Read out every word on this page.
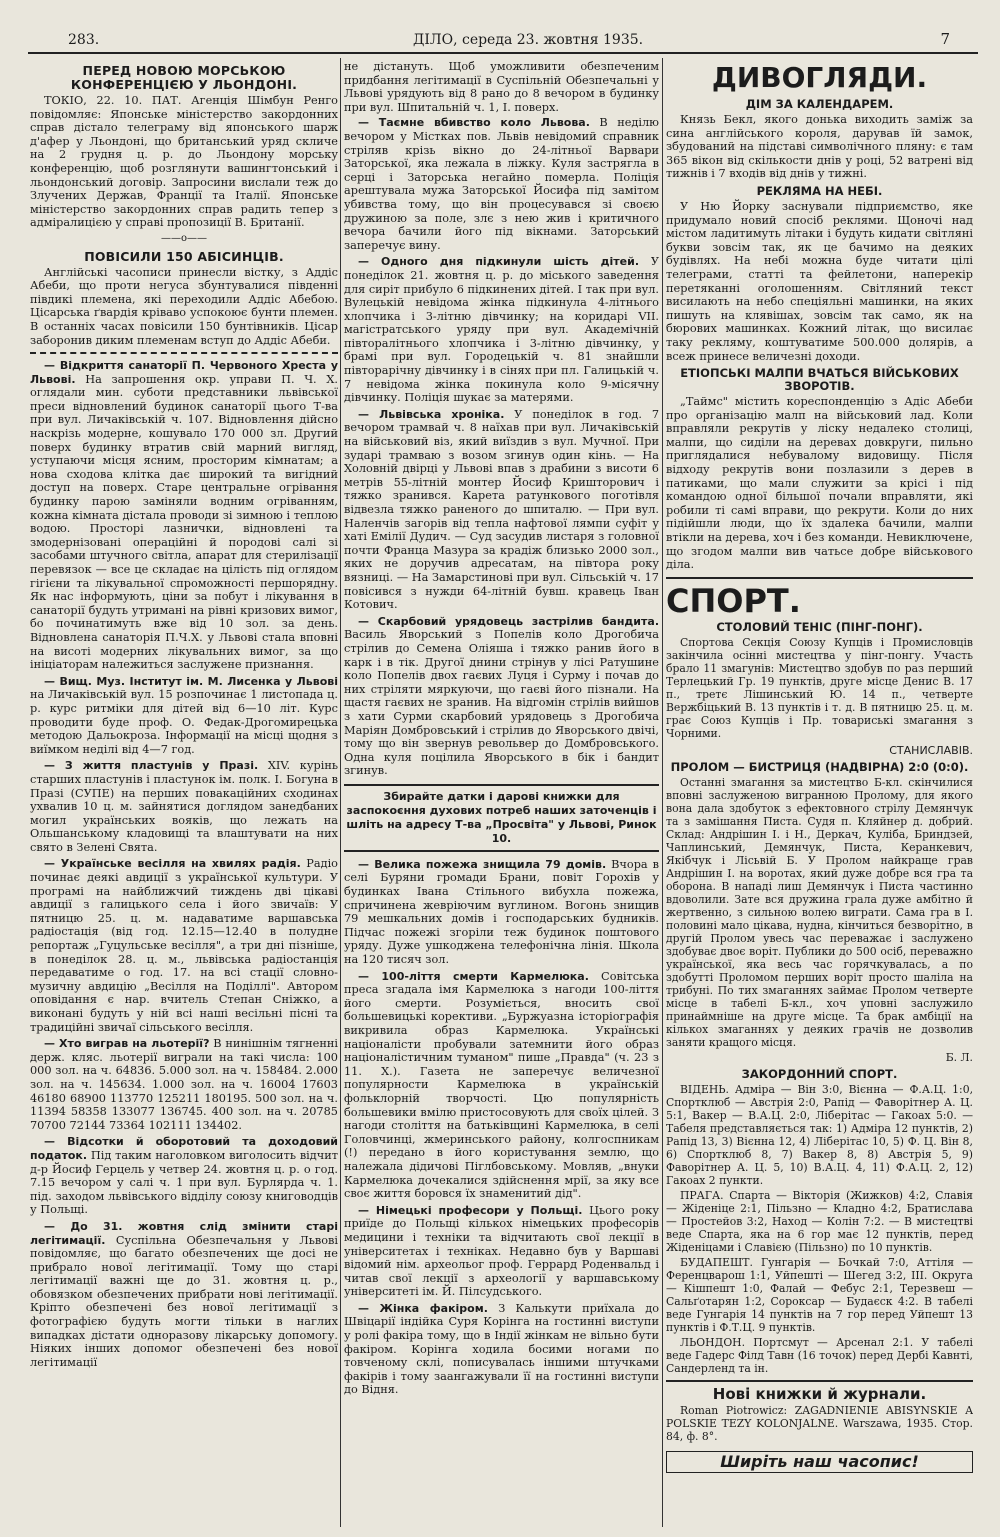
283.	ДІЛО, середа 23. жовтня 1935.	7
ПЕРЕД НОВОЮ МОРСЬКОЮ КОНФЕРЕНЦІЄЮ У ЛЬОНДОНІ.

ТОКІО, 22. 10. ПАТ. Агенція Шімбун Ренго повідомляє: Японське міністерство закордонних справ дістало телеграму від японського шарж д'афер у Льондоні, що британський уряд скличе на 2 грудня ц. р. до Льондону морську конференцію, щоб розглянути вашингтонський і льондонський договір. Запросини вислали теж до Злучених Держав, Франції та Італії. Японське міністерство закордонних справ радить тепер з адміралицією у справі пропозиції В. Британії.

——o——
ПОВІСИЛИ 150 АБІСИНЦІВ.

Англійські часописи принесли вістку, з Аддіс Абеби, що проти негуса збунтувалися південні півдикі племена, які переходили Аддіс Абебою. Цісарська ґвардія кріваво успокоює бунти племен. В останніх часах повісили 150 бунтівників. Цісар заборонив диким племенам вступ до Аддіс Абеби.

— Відкриття санаторії П. Червоного Хреста у Львові. На запрошення окр. управи П. Ч. Х. оглядали мин. суботи представники львівської преси відновлений будинок санаторії цього Т-ва при вул. Личаківській ч. 107. Відновлення дійсно наскрізь модерне, кошувало 170 000 зл. Другий поверх будинку втратив свій марний вигляд, уступаючи місця ясним, просторим кімнатам; а нова сходова клітка дає широкий та вигідний доступ на поверх. Старе центральне огрівання будинку парою заміняли водним огріванням, кожна кімната дістала проводи зі зимною і теплою водою. Просторі лазнички, відновлені та змодернізовані операційні й породові салі зі засобами штучного світла, апарат для стерилізації перевязок — все це складає на цілість під оглядом гігієни та лікувальної спроможності першорядну. Як нас інформують, ціни за побут і лікування в санаторії будуть утримані на рівні кризових вимог, бо починатимуть вже від 10 зол. за день. Відновлена санаторія П.Ч.Х. у Львові стала вповні на висоті модерних лікувальних вимог, за що ініціаторам належиться заслужене признання.
— Вищ. Муз. Інститут ім. М. Лисенка у Львові на Личаківській вул. 15 розпочинає 1 листопада ц. р. курс ритміки для дітей від 6—10 літ. Курс проводити буде проф. О. Федак-Дрогомирецька методою Дальокроза. Інформації на місці щодня з виїмком неділі від 4—7 год.
— З життя пластунів у Празі. XIV. курінь старших пластунів і пластунок ім. полк. І. Богуна в Празі (СУПЕ) на перших повакаційних сходинах ухвалив 10 ц. м. зайнятися доглядом занедбаних могил українських вояків, що лежать на Ольшанському кладовищі та влаштувати на них свято в Зелені Свята.
— Українське весілля на хвилях радія. Радіо починає деякі авдиції з української культури. У програмі на найближчий тиждень дві цікаві авдиції з галицького села і його звичаїв: У пятницю 25. ц. м. надаватиме варшавська радіостація (від год. 12.15—12.40 в полудне репортаж „Гуцульське весілля", а три дні пізніше, в понеділок 28. ц. м., львівська радіостанція передаватиме о год. 17. на всі стації словно-музичну авдицію „Весілля на Поділлі". Автором оповідання є нар. вчитель Степан Сніжко, а виконані будуть у ній всі наші весільні пісні та традиційні звичаї сільського весілля.
— Хто виграв на льотерії? В нинішнім тягненні держ. кляс. льотерії виграли на такі числа: 100 000 зол. на ч. 64836. 5.000 зол. на ч. 158484. 2.000 зол. на ч. 145634. 1.000 зол. на ч. 16004 17603 46180 68900 113770 125211 180195. 500 зол. на ч. 11394 58358 133077 136745. 400 зол. на ч. 20785 70700 72144 73364 102111 134402.
— Відсотки й оборотовий та доходовий податок. Під таким наголовком виголосить відчит д-р Йосиф Герцель у четвер 24. жовтня ц. р. о год. 7.15 вечором у салі ч. 1 при вул. Бурлярда ч. 1. під. заходом львівського відділу союзу книговодців у Польщі.
— До 31. жовтня слід змінити старі легітимації. Суспільна Обезпечальня у Львові повідомляє, що багато обезпечених ще досі не прибрало нової легітимації. Тому що старі легітимації важні ще до 31. жовтня ц. р., обовязком обезпечених прибрати нові легітимації. Кріпто обезпечені без нової легітимації з фотографією будуть могти тільки в наглих випадках дістати одноразову лікарську допомогу. Ніяких інших допомог обезпечені без нової легітимації

не дістануть. Щоб уможливити обезпеченим придбання легітимації в Суспільній Обезпечальні у Львові урядують від 8 рано до 8 вечором в будинку при вул. Шпитальній ч. 1, І. поверх.

— Таємне вбивство коло Львова. В неділю вечором у Містках пов. Львів невідомий справник стріляв крізь вікно до 24-літньої Варвари Заторської, яка лежала в ліжку. Куля застрягла в серці і Заторська негайно померла. Поліція арештувала мужа Заторської Йосифа під замітом убивства тому, що він процесувався зі своєю дружиною за поле, злє з нею жив і критичного вечора бачили його під вікнами. Заторський заперечує вину.
— Одного дня підкинули шість дітей. У понеділок 21. жовтня ц. р. до міського заведення для сиріт прибуло 6 підкинених дітей. І так при вул. Вулецькій невідома жінка підкинула 4-літнього хлопчика і 3-літню дівчинку; на коридарі VII. магістратського уряду при вул. Академічній півторалітнього хлопчика і 3-літню дівчинку, у брамі при вул. Городецькій ч. 81 знайшли півторарічну дівчинку і в сінях при пл. Галицькій ч. 7 невідома жінка покинула коло 9-місячну дівчинку. Поліція шукає за матерями.
— Львівська хроніка. У понеділок в год. 7 вечором трамвай ч. 8 наїхав при вул. Личаківській на військовий віз, який виїздив з вул. Мучної. При зударі трамваю з возом згинув один кінь. — На Холовній двірці у Львові впав з драбини з висоти 6 метрів 55-літній монтер Йосиф Кришторович і тяжко зранився. Карета ратункового поготівля відвезла тяжко раненого до шпиталю. — При вул. Наленчів загорів від тепла нафтової лямпи суфіт у хаті Емілії Дудич. — Суд засудив листаря з головної почти Франца Мазура за крадіж близько 2000 зол., яких не доручив адресатам, на півтора року вязниці. — На Замарстинові при вул. Сільській ч. 17 повісився з нужди 64-літній бувш. кравець Іван Котович.
— Скарбовий урядовець застрілив бандита. Василь Яворський з Попелів коло Дрогобича стрілив до Семена Оліяша і тяжко ранив його в карк і в тік. Другої днини стрінув у лісі Ратушине коло Попелів двох гаєвих Луця і Сурму і почав до них стріляти мяркуючи, що гаєві його пізнали. На щастя гаєвих не зранив. На відгомін стрілів вийшов з хати Сурми скарбовий урядовець з Дрогобича Маріян Домбровський і стрілив до Яворського двічі, тому що він звернув револьвер до Домбровського. Одна куля поцілила Яворського в бік і бандит згинув.
Збирайте датки і дарові книжки для заспокоєння духових потреб наших заточенців і шліть на адресу Т-ва „Просвіта" у Львові, Ринок 10.
— Велика пожежа знищила 79 домів. Вчора в селі Буряни громади Брани, повіт Горохів у будинках Івана Стільного вибухла пожежа, спричинена жевріючим вуглином. Вогонь знищив 79 мешкальних домів і господарських будників. Підчас пожежі згоріли теж будинок поштового уряду. Дуже ушкоджена телефонічна лінія. Школа на 120 тисяч зол.
— 100-ліття смерти Кармелюка. Совітська преса згадала імя Кармелюка з нагоди 100-ліття його смерти. Розуміється, вносить свої большевицькі корективи. „Буржуазна історіографія викривила образ Кармелюка. Українські націоналісти пробували затемнити його образ націоналістичним туманом" пише „Правда" (ч. 23 з 11. Х.). Газета не заперечує величезної популярности Кармелюка в українській фольклорній творчості. Цю популярність большевики вмілю пристосовують для своїх цілей. З нагоди століття на батьківщині Кармелюка, в селі Головчинці, жмеринського району, колгоспникам (!) передано в його користування землю, що належала дідичові Піглбовському. Мовляв, „внуки Кармелюка дочекалися здійснення мрії, за яку все своє життя боровся їх знаменитий дід".
— Німецькі професори у Польщі. Цього року приїде до Польщі кількох німецьких професорів медицини і техніки та відчитають свої лекції в університетах і техніках. Недавно був у Варшаві відомий нім. археольог проф. Геррард Роденвальд і читав свої лекції з археології у варшавському університеті ім. Й. Пілсудського.
— Жінка факіром. З Калькути приїхала до Швіцарії індійка Суря Корінга на гостинні виступи у ролі факіра тому, що в Індії жінкам не вільно бути факіром. Корінга ходила босими ногами по товченому склі, пописувалась іншими штучками факірів і тому заангажували її на гостинні виступи до Відня.
ДИВОГЛЯДИ.
ДІМ ЗА КАЛЕНДАРЕМ.

Князь Бекл, якого донька виходить заміж за сина англійського короля, дарував їй замок, збудований на підставі символічного пляну: є там 365 вікон від скількости днів у році, 52 ватрені від тижнів і 7 входів від днів у тижні.

РЕКЛЯМА НА НЕБІ.

У Ню Йорку заснували підприємство, яке придумало новий спосіб реклями. Щоночі над містом ладитимуть літаки і будуть кидати світляні букви зовсім так, як це бачимо на деяких будівлях. На небі можна буде читати цілі телеграми, статті та фейлетони, наперекір перетяканні оголошенням. Світляний текст висилають на небо спеціяльні машинки, на яких пишуть на клявішах, зовсім так само, як на бюрових машинках. Кожний літак, що висилає таку рекляму, коштуватиме 500.000 долярів, а всеж принесе величезні доходи.

ЕТІОПСЬКІ МАЛПИ ВЧАТЬСЯ ВІЙСЬКОВИХ ЗВОРОТІВ.

„Таймс" містить кореспонденцію з Адіс Абеби про організацію малп на військовий лад. Коли вправляли рекрутів у ліску недалеко столиці, малпи, що сиділи на деревах довкруги, пильно приглядалися небувалому видовищу. Після відходу рекрутів вони позлазили з дерев в патиками, що мали служити за крісі і під командою одної більшої почали вправляти, які робили ті самі вправи, що рекрути. Коли до них підійшли люди, що їх здалека бачили, малпи втікли на дерева, хоч і без команди. Невиключене, що згодом малпи вив чатьсе добре військового діла.

СПОРТ.
СТОЛОВИЙ ТЕНІС (ПІНГ-ПОНГ).

Спортова Секція Союзу Купців і Промисловців закінчила осінні мистецтва у пінг-понгу. Участь брало 11 змагунів: Мистецтво здобув по раз перший Терлецький Гр. 19 пунктів, друге місце Денис В. 17 п., третє Лішинський Ю. 14 п., четверте Вержбіцький В. 13 пунктів і т. д. В пятницю 25. ц. м. грає Союз Купців і Пр. товариські змагання з Чорними.

СТАНИСЛАВІВ.
ПРОЛОМ — БИСТРИЦЯ (НАДВІРНА) 2:0 (0:0).

Останні змагання за мистецтво Б-кл. скінчилися вповні заслуженою вигранною Пролому, для якого вона дала здобуток з ефектовного стрілу Демянчук та з замішання Писта. Судя п. Кляйнер д. добрий. Склад: Андрішин І. і Н., Деркач, Куліба, Бриндзей, Чаплинський, Демянчук, Писта, Керанкевич, Якібчук і Лісьвій Б. У Пролом найкраще грав Андрішин І. на воротах, який дуже добре вся гра та оборона. В нападі лиш Демянчук і Писта частинно вдоволили. Зате вся дружина грала дуже амбітно й жертвенно, з сильною волею виграти. Сама гра в I. половині мало цікава, нудна, кінчиться безворітно, в другій Пролом увесь час переважає і заслужено здобуває двоє воріт. Публики до 500 осіб, переважно української, яка весь час горячкувалась, а по здобутті Проломом перших воріт просто шаліла на трибуні. По тих змаганнях займає Пролом четверте місце в табелі Б-кл., хоч уповні заслужило принаймніше на друге місце. Та брак амбіції на кількох змаганнях у деяких грачів не дозволив заняти кращого місця.

Б. Л.
ЗАКОРДОННИЙ СПОРТ.

ВІДЕНЬ. Адміра — Він 3:0, Вієнна — Ф.А.Ц. 1:0, Спортклюб — Австрія 2:0, Рапід — Фаворітнер А. Ц. 5:1, Вакер — В.А.Ц. 2:0, Ліберітас — Гакоах 5:0. — Табеля представляється так: 1) Адміра 12 пунктів, 2) Рапід 13, 3) Вієнна 12, 4) Ліберітас 10, 5) Ф. Ц. Він 8, 6) Спортклюб 8, 7) Вакер 8, 8) Австрія 5, 9) Фаворітнер А. Ц. 5, 10) В.А.Ц. 4, 11) Ф.А.Ц. 2, 12) Гакоах 2 пункти.

ПРАГА. Спарта — Вікторія (Жижков) 4:2, Славія — Жіденіце 2:1, Пільзно — Кладно 4:2, Братислава — Простейов 3:2, Наход — Колін 7:2. — В мистецтві веде Спарта, яка на 6 гор має 12 пунктів, перед Жіденіцами і Славією (Пільзно) по 10 пунктів.

БУДАПЕШТ. Гунгарія — Бочкай 7:0, Аттіля — Ференцварош 1:1, Уйпешті — Шегед 3:2, III. Округа — Кішпешт 1:0, Фалай — Фебус 2:1, Терезвеш — Сальґотарян 1:2, Сороксар — Будаєск 4:2. В табелі веде Гунгарія 14 пунктів на 7 гор перед Уйпешт 13 пунктів і Ф.Т.Ц. 9 пунктів.

ЛЬОНДОН. Портсмут — Арсенал 2:1. У табелі веде Гадерс Філд Тавн (16 точок) перед Дербі Кавнті, Сандерленд та ін.

Нові книжки й журнали.

Roman Piotrowicz: ZAGADNIENIE ABISYNSKIE A POLSKIE TEZY KOLONJALNE. Warszawa, 1935. Стор. 84, ф. 8°.

Ширіть наш часопис!
